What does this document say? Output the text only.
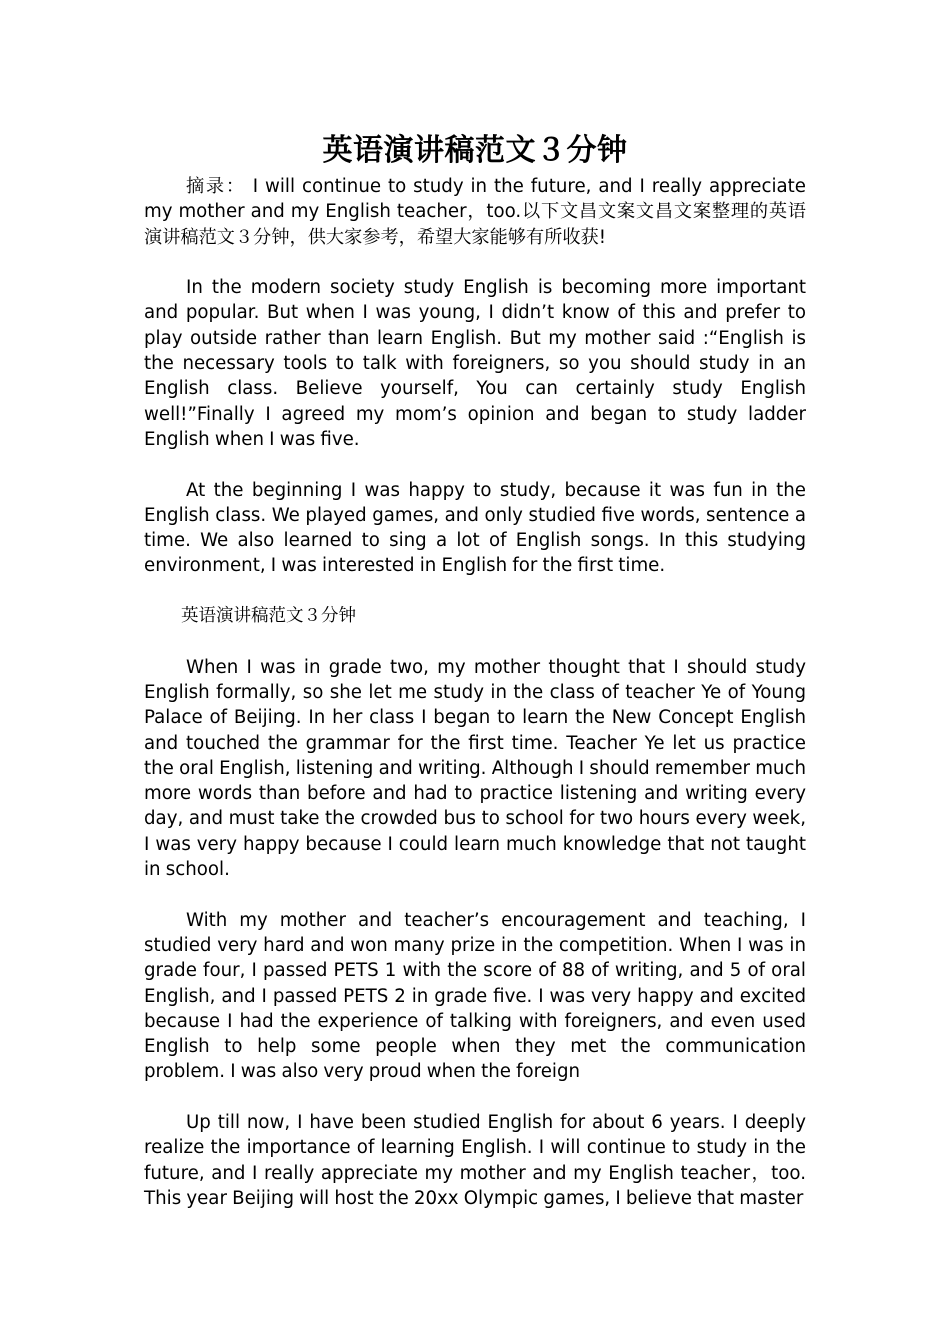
英语演讲稿范文３分钟

摘录： I will continue to study in the future, and I really appreciate my mother and my English teacher，too.以下文昌文案文昌文案整理的英语演讲稿范文３分钟，供大家参考，希望大家能够有所收获!

In the modern society study English is becoming more important and popular. But when I was young, I didn’t know of this and prefer to play outside rather than learn English. But my mother said :“English is the necessary tools to talk with foreigners, so you should study in an English class. Believe yourself, You can certainly study English well!”Finally I agreed my mom’s opinion and began to study ladder English when I was five.

At the beginning I was happy to study, because it was fun in the English class. We played games, and only studied five words, sentence a time. We also learned to sing a lot of English songs. In this studying environment, I was interested in English for the first time.

英语演讲稿范文３分钟

When I was in grade two, my mother thought that I should study English formally, so she let me study in the class of teacher Ye of Young Palace of Beijing. In her class I began to learn the New Concept English and touched the grammar for the first time. Teacher Ye let us practice the oral English, listening and writing. Although I should remember much more words than before and had to practice listening and writing every day, and must take the crowded bus to school for two hours every week, I was very happy because I could learn much knowledge that not taught in school.

With my mother and teacher’s encouragement and teaching, I studied very hard and won many prize in the competition. When I was in grade four, I passed PETS 1 with the score of 88 of writing, and 5 of oral English, and I passed PETS 2 in grade five. I was very happy and excited because I had the experience of talking with foreigners, and even used English to help some people when they met the communication problem. I was also very proud when the foreign

Up till now, I have been studied English for about 6 years. I deeply realize the importance of learning English. I will continue to study in the future, and I really appreciate my mother and my English teacher，too. This year Beijing will host the 20xx Olympic games, I believe that master
